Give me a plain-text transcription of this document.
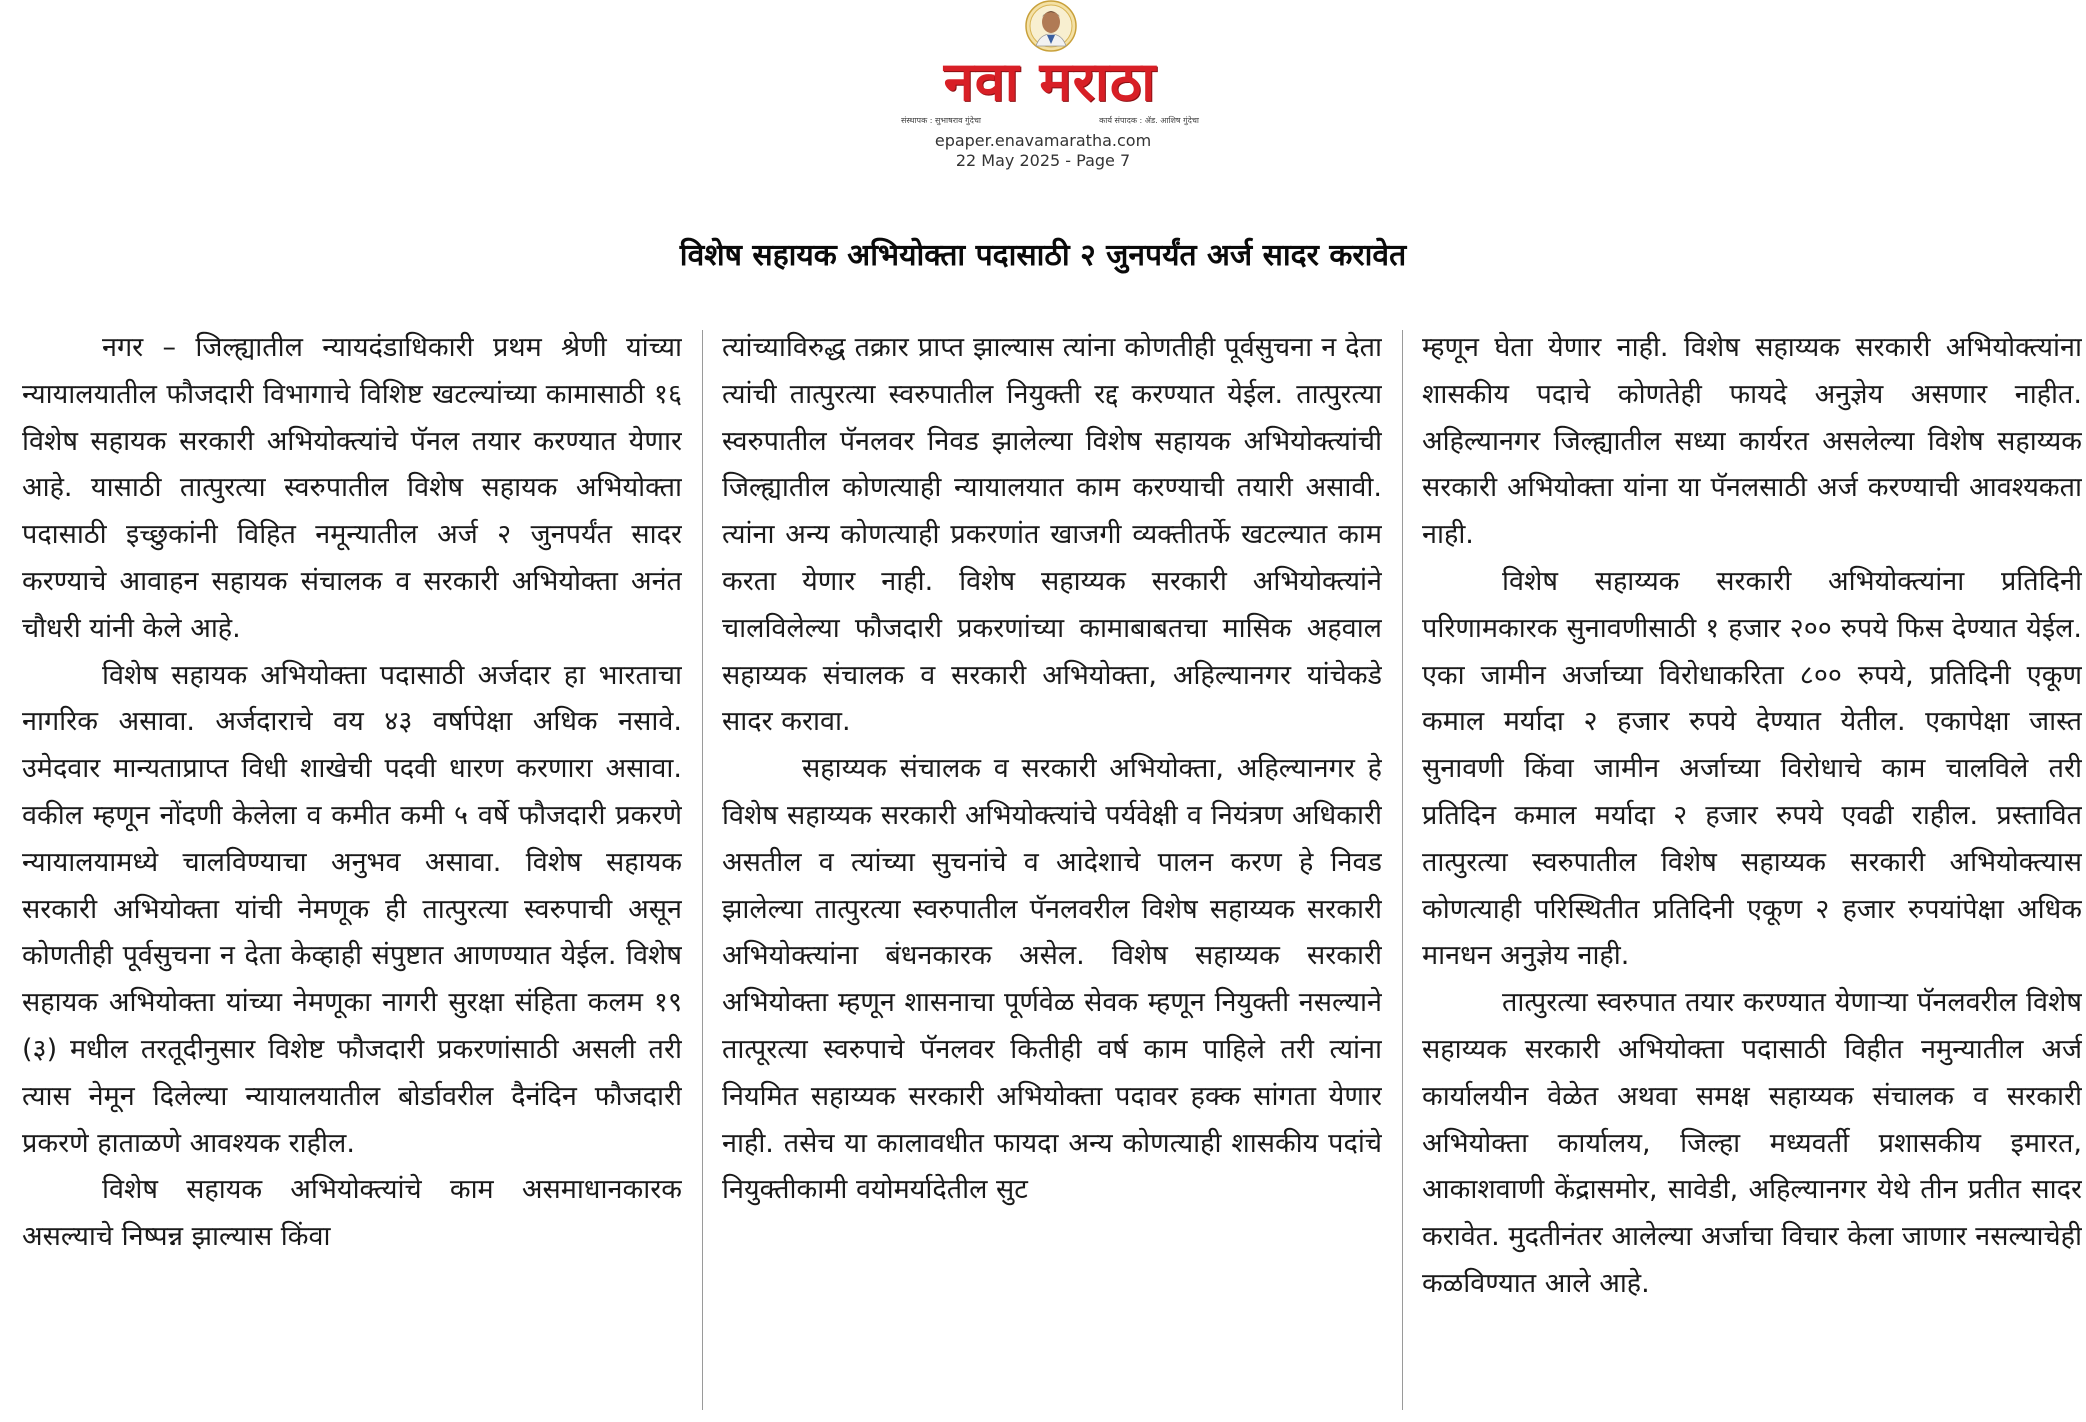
नवा मराठा
संस्थापक : सुभाषराव गुंदेचा	कार्य संपादक : ॲड. आशिष गुंदेचा
epaper.enavamaratha.com
22 May 2025 - Page 7
विशेष सहायक अभियोक्ता पदासाठी २ जुनपर्यंत अर्ज सादर करावेत

नगर – जिल्ह्यातील न्यायदंडाधिकारी प्रथम श्रेणी यांच्या न्यायालयातील फौजदारी विभागाचे विशिष्ट खटल्यांच्या कामासाठी १६ विशेष सहायक सरकारी अभियोक्त्यांचे पॅनल तयार करण्यात येणार आहे. यासाठी तात्पुरत्या स्वरुपातील विशेष सहायक अभियोक्ता पदासाठी इच्छुकांनी विहित नमून्यातील अर्ज २ जुनपर्यंत सादर करण्याचे आवाहन सहायक संचालक व सरकारी अभियोक्ता अनंत चौधरी यांनी केले आहे.

विशेष सहायक अभियोक्ता पदासाठी अर्जदार हा भारताचा नागरिक असावा. अर्जदाराचे वय ४३ वर्षापेक्षा अधिक नसावे. उमेदवार मान्यताप्राप्त विधी शाखेची पदवी धारण करणारा असावा. वकील म्हणून नोंदणी केलेला व कमीत कमी ५ वर्षे फौजदारी प्रकरणे न्यायालयामध्ये चालविण्याचा अनुभव असावा. विशेष सहायक सरकारी अभियोक्ता यांची नेमणूक ही तात्पुरत्या स्वरुपाची असून कोणतीही पूर्वसुचना न देता केव्हाही संपुष्टात आणण्यात येईल. विशेष सहायक अभियोक्ता यांच्या नेमणूका नागरी सुरक्षा संहिता कलम १९ (३) मधील तरतूदीनुसार विशेष्ट फौजदारी प्रकरणांसाठी असली तरी त्यास नेमून दिलेल्या न्यायालयातील बोर्डावरील दैनंदिन फौजदारी प्रकरणे हाताळणे आवश्यक राहील.

विशेष सहायक अभियोक्त्यांचे काम असमाधानकारक असल्याचे निष्पन्न झाल्यास किंवा

त्यांच्याविरुद्ध तक्रार प्राप्त झाल्यास त्यांना कोणतीही पूर्वसुचना न देता त्यांची तात्पुरत्या स्वरुपातील नियुक्ती रद्द करण्यात येईल. तात्पुरत्या स्वरुपातील पॅनलवर निवड झालेल्या विशेष सहायक अभियोक्त्यांची जिल्ह्यातील कोणत्याही न्यायालयात काम करण्याची तयारी असावी. त्यांना अन्य कोणत्याही प्रकरणांत खाजगी व्यक्तीतर्फे खटल्यात काम करता येणार नाही. विशेष सहाय्यक सरकारी अभियोक्त्यांने चालविलेल्या फौजदारी प्रकरणांच्या कामाबाबतचा मासिक अहवाल सहाय्यक संचालक व सरकारी अभियोक्ता, अहिल्यानगर यांचेकडे सादर करावा.

सहाय्यक संचालक व सरकारी अभियोक्ता, अहिल्यानगर हे विशेष सहाय्यक सरकारी अभियोक्त्यांचे पर्यवेक्षी व नियंत्रण अधिकारी असतील व त्यांच्या सुचनांचे व आदेशाचे पालन करण हे निवड झालेल्या तात्पुरत्या स्वरुपातील पॅनलवरील विशेष सहाय्यक सरकारी अभियोक्त्यांना बंधनकारक असेल. विशेष सहाय्यक सरकारी अभियोक्ता म्हणून शासनाचा पूर्णवेळ सेवक म्हणून नियुक्ती नसल्याने तात्पूरत्या स्वरुपाचे पॅनलवर कितीही वर्ष काम पाहिले तरी त्यांना नियमित सहाय्यक सरकारी अभियोक्ता पदावर हक्क सांगता येणार नाही. तसेच या कालावधीत फायदा अन्य कोणत्याही शासकीय पदांचे नियुक्तीकामी वयोमर्यादेतील सुट

म्हणून घेता येणार नाही. विशेष सहाय्यक सरकारी अभियोक्त्यांना शासकीय पदाचे कोणतेही फायदे अनुज्ञेय असणार नाहीत. अहिल्यानगर जिल्ह्यातील सध्या कार्यरत असलेल्या विशेष सहाय्यक सरकारी अभियोक्ता यांना या पॅनलसाठी अर्ज करण्याची आवश्यकता नाही.

विशेष सहाय्यक सरकारी अभियोक्त्यांना प्रतिदिनी परिणामकारक सुनावणीसाठी १ हजार २०० रुपये फिस देण्यात येईल. एका जामीन अर्जाच्या विरोधाकरिता ८०० रुपये, प्रतिदिनी एकूण कमाल मर्यादा २ हजार रुपये देण्यात येतील. एकापेक्षा जास्त सुनावणी किंवा जामीन अर्जाच्या विरोधाचे काम चालविले तरी प्रतिदिन कमाल मर्यादा २ हजार रुपये एवढी राहील. प्रस्तावित तात्पुरत्या स्वरुपातील विशेष सहाय्यक सरकारी अभियोक्त्यास कोणत्याही परिस्थितीत प्रतिदिनी एकूण २ हजार रुपयांपेक्षा अधिक मानधन अनुज्ञेय नाही.

तात्पुरत्या स्वरुपात तयार करण्यात येणाऱ्या पॅनलवरील विशेष सहाय्यक सरकारी अभियोक्ता पदासाठी विहीत नमुन्यातील अर्ज कार्यालयीन वेळेत अथवा समक्ष सहाय्यक संचालक व सरकारी अभियोक्ता कार्यालय, जिल्हा मध्यवर्ती प्रशासकीय इमारत, आकाशवाणी केंद्रासमोर, सावेडी, अहिल्यानगर येथे तीन प्रतीत सादर करावेत. मुदतीनंतर आलेल्या अर्जाचा विचार केला जाणार नसल्याचेही कळविण्यात आले आहे.
